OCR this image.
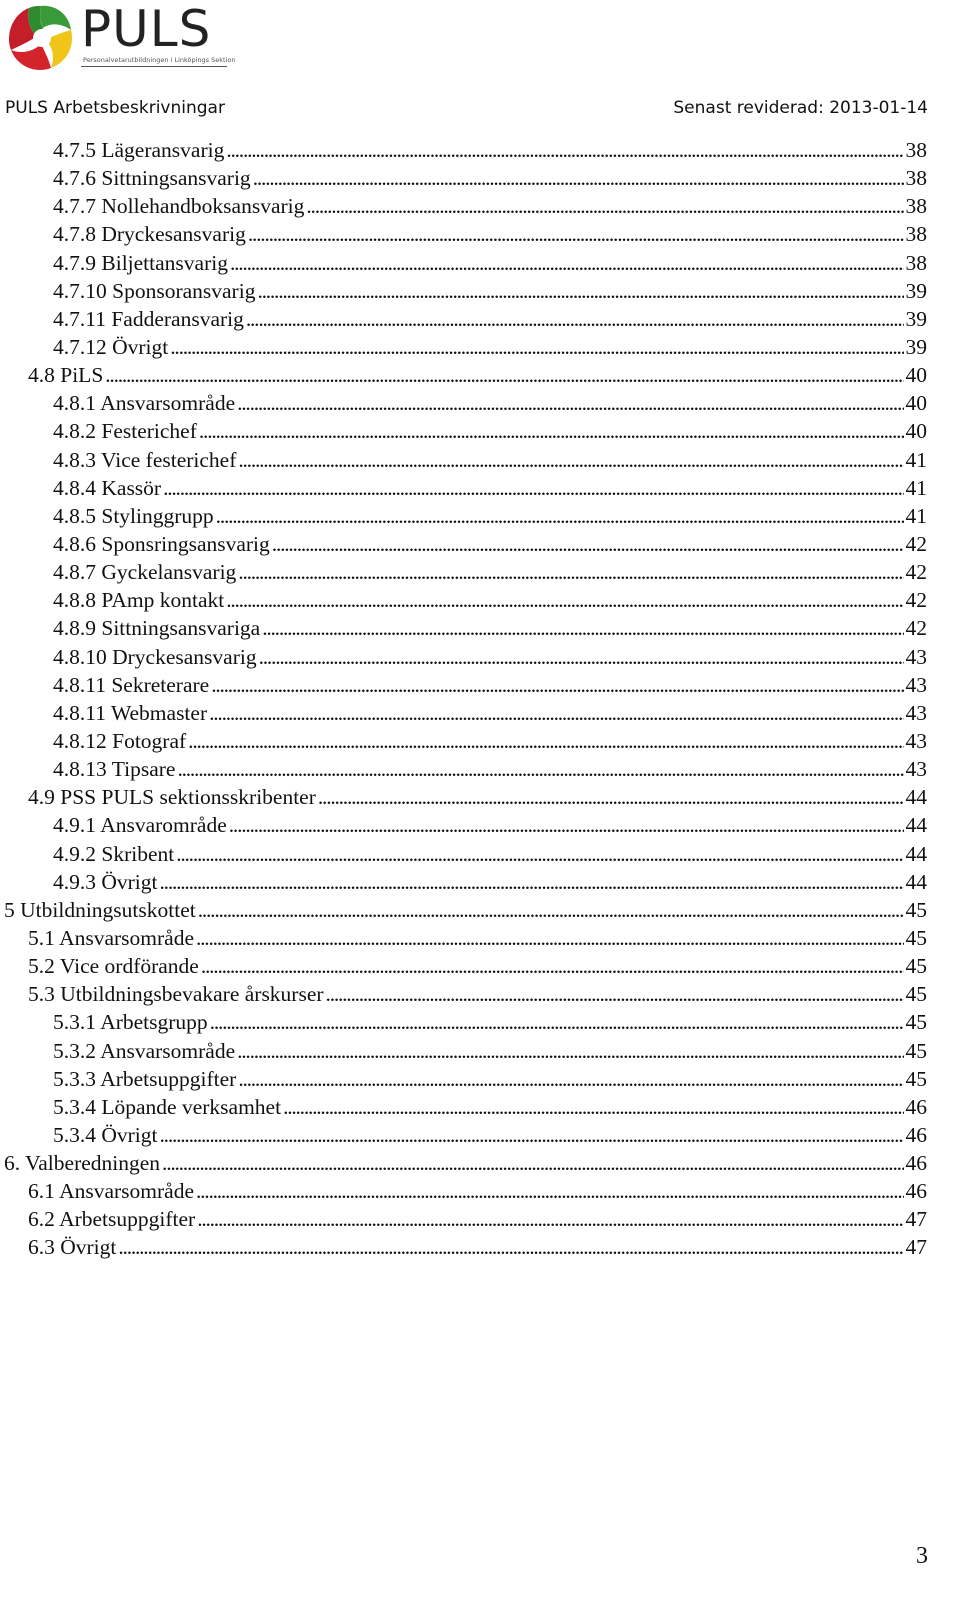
PULS
Personalvetarutbildningen i Linköpings Sektion
PULS Arbetsbeskrivningar	Senast reviderad: 2013-01-14
4.7.5 Lägeransvarig . . .	38
4.7.6 Sittningsansvarig . . .	38
4.7.7 Nollehandboksansvarig . . .	38
4.7.8 Dryckesansvarig . . .	38
4.7.9 Biljettansvarig . . .	38
4.7.10 Sponsoransvarig . . .	39
4.7.11 Fadderansvarig . . .	39
4.7.12 Övrigt . . .	39
4.8 PiLS . . .	40
4.8.1 Ansvarsområde . . .	40
4.8.2 Festerichef . . .	40
4.8.3 Vice festerichef . . .	41
4.8.4 Kassör . . .	41
4.8.5 Stylinggrupp . . .	41
4.8.6 Sponsringsansvarig . . .	42
4.8.7 Gyckelansvarig . . .	42
4.8.8 PAmp kontakt . . .	42
4.8.9 Sittningsansvariga . . .	42
4.8.10 Dryckesansvarig . . .	43
4.8.11 Sekreterare . . .	43
4.8.11 Webmaster . . .	43
4.8.12 Fotograf . . .	43
4.8.13 Tipsare . . .	43
4.9 PSS PULS sektionsskribenter . . .	44
4.9.1 Ansvarområde . . .	44
4.9.2 Skribent . . .	44
4.9.3 Övrigt . . .	44
5 Utbildningsutskottet . . .	45
5.1 Ansvarsområde . . .	45
5.2 Vice ordförande . . .	45
5.3 Utbildningsbevakare årskurser . . .	45
5.3.1 Arbetsgrupp . . .	45
5.3.2 Ansvarsområde . . .	45
5.3.3 Arbetsuppgifter . . .	45
5.3.4 Löpande verksamhet . . .	46
5.3.4 Övrigt . . .	46
6. Valberedningen . . .	46
6.1 Ansvarsområde . . .	46
6.2 Arbetsuppgifter . . .	47
6.3 Övrigt . . .	47
3
